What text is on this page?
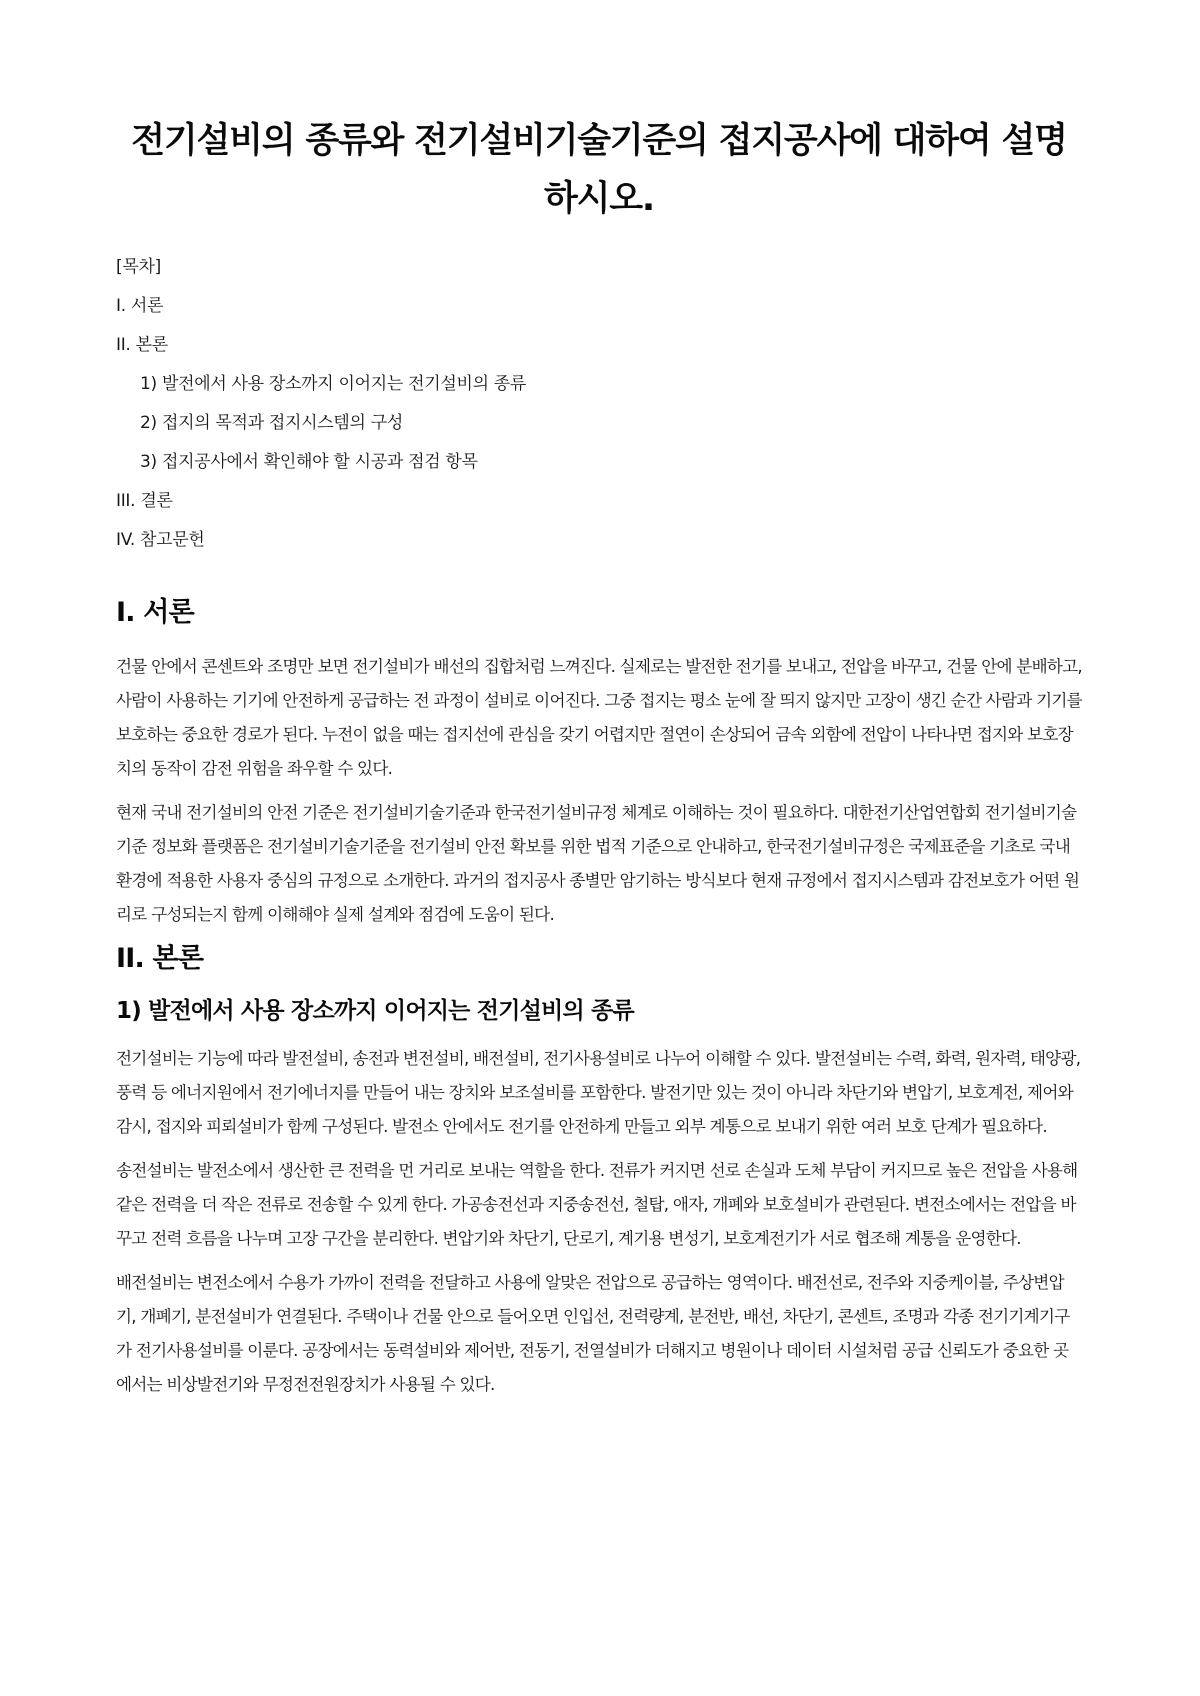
전기설비의 종류와 전기설비기술기준의 접지공사에 대하여 설명하시오.
[목차]
I. 서론
II. 본론
1) 발전에서 사용 장소까지 이어지는 전기설비의 종류
2) 접지의 목적과 접지시스템의 구성
3) 접지공사에서 확인해야 할 시공과 점검 항목
III. 결론
IV. 참고문헌
I. 서론

건물 안에서 콘센트와 조명만 보면 전기설비가 배선의 집합처럼 느껴진다. 실제로는 발전한 전기를 보내고, 전압을 바꾸고, 건물 안에 분배하고, 사람이 사용하는 기기에 안전하게 공급하는 전 과정이 설비로 이어진다. 그중 접지는 평소 눈에 잘 띄지 않지만 고장이 생긴 순간 사람과 기기를 보호하는 중요한 경로가 된다. 누전이 없을 때는 접지선에 관심을 갖기 어렵지만 절연이 손상되어 금속 외함에 전압이 나타나면 접지와 보호장치의 동작이 감전 위험을 좌우할 수 있다.

현재 국내 전기설비의 안전 기준은 전기설비기술기준과 한국전기설비규정 체계로 이해하는 것이 필요하다. 대한전기산업연합회 전기설비기술기준 정보화 플랫폼은 전기설비기술기준을 전기설비 안전 확보를 위한 법적 기준으로 안내하고, 한국전기설비규정은 국제표준을 기초로 국내 환경에 적용한 사용자 중심의 규정으로 소개한다. 과거의 접지공사 종별만 암기하는 방식보다 현재 규정에서 접지시스템과 감전보호가 어떤 원리로 구성되는지 함께 이해해야 실제 설계와 점검에 도움이 된다.

II. 본론
1) 발전에서 사용 장소까지 이어지는 전기설비의 종류

전기설비는 기능에 따라 발전설비, 송전과 변전설비, 배전설비, 전기사용설비로 나누어 이해할 수 있다. 발전설비는 수력, 화력, 원자력, 태양광, 풍력 등 에너지원에서 전기에너지를 만들어 내는 장치와 보조설비를 포함한다. 발전기만 있는 것이 아니라 차단기와 변압기, 보호계전, 제어와 감시, 접지와 피뢰설비가 함께 구성된다. 발전소 안에서도 전기를 안전하게 만들고 외부 계통으로 보내기 위한 여러 보호 단계가 필요하다.

송전설비는 발전소에서 생산한 큰 전력을 먼 거리로 보내는 역할을 한다. 전류가 커지면 선로 손실과 도체 부담이 커지므로 높은 전압을 사용해 같은 전력을 더 작은 전류로 전송할 수 있게 한다. 가공송전선과 지중송전선, 철탑, 애자, 개폐와 보호설비가 관련된다. 변전소에서는 전압을 바꾸고 전력 흐름을 나누며 고장 구간을 분리한다. 변압기와 차단기, 단로기, 계기용 변성기, 보호계전기가 서로 협조해 계통을 운영한다.

배전설비는 변전소에서 수용가 가까이 전력을 전달하고 사용에 알맞은 전압으로 공급하는 영역이다. 배전선로, 전주와 지중케이블, 주상변압기, 개폐기, 분전설비가 연결된다. 주택이나 건물 안으로 들어오면 인입선, 전력량계, 분전반, 배선, 차단기, 콘센트, 조명과 각종 전기기계기구가 전기사용설비를 이룬다. 공장에서는 동력설비와 제어반, 전동기, 전열설비가 더해지고 병원이나 데이터 시설처럼 공급 신뢰도가 중요한 곳에서는 비상발전기와 무정전전원장치가 사용될 수 있다.
